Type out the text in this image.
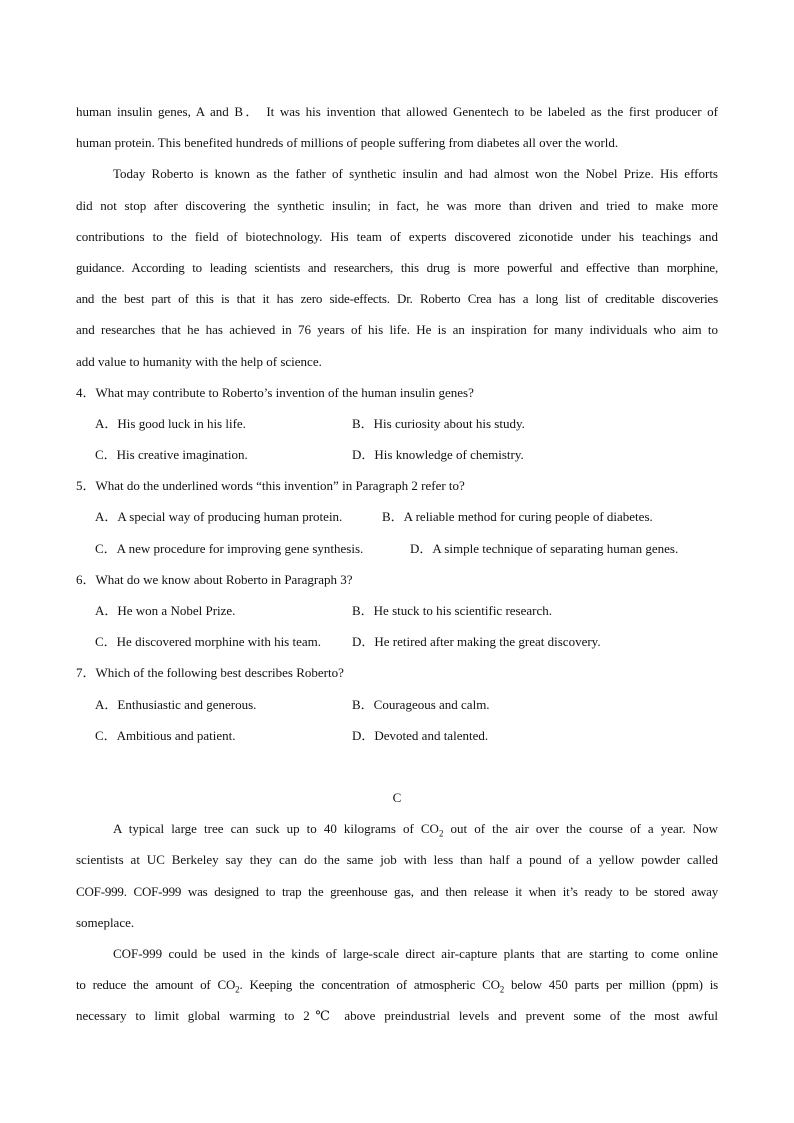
human insulin genes, A and B． It was his invention that allowed Genentech to be labeled as the first producer of
human protein. This benefited hundreds of millions of people suffering from diabetes all over the world.
Today Roberto is known as the father of synthetic insulin and had almost won the Nobel Prize. His efforts
did not stop after discovering the synthetic insulin; in fact, he was more than driven and tried to make more
contributions to the field of biotechnology. His team of experts discovered ziconotide under his teachings and
guidance. According to leading scientists and researchers, this drug is more powerful and effective than morphine,
and the best part of this is that it has zero side-effects. Dr. Roberto Crea has a long list of creditable discoveries
and researches that he has achieved in 76 years of his life. He is an inspiration for many individuals who aim to
add value to humanity with the help of science.
4．What may contribute to Roberto’s invention of the human insulin genes?
A．His good luck in his life.	B．His curiosity about his study.
C．His creative imagination.	D．His knowledge of chemistry.
5．What do the underlined words “this invention” in Paragraph 2 refer to?
A．A special way of producing human protein.	B．A reliable method for curing people of diabetes.
C．A new procedure for improving gene synthesis.	D．A simple technique of separating human genes.
6．What do we know about Roberto in Paragraph 3?
A．He won a Nobel Prize.	B．He stuck to his scientific research.
C．He discovered morphine with his team. D．He retired after making the great discovery.
7．Which of the following best describes Roberto?
A．Enthusiastic and generous.	B．Courageous and calm.
C．Ambitious and patient.	D．Devoted and talented.
C
A typical large tree can suck up to 40 kilograms of $CO_2$ out of the air over the course of a year. Now
scientists at UC Berkeley say they can do the same job with less than half a pound of a yellow powder called
COF-999. COF-999 was designed to trap the greenhouse gas, and then release it when it’s ready to be stored away
someplace.
COF-999 could be used in the kinds of large-scale direct air-capture plants that are starting to come online
to reduce the amount of $CO_2$. Keeping the concentration of atmospheric $CO_2$ below 450 parts per million (ppm) is
necessary to limit global warming to 2℃ above preindustrial levels and prevent some of the most awful
